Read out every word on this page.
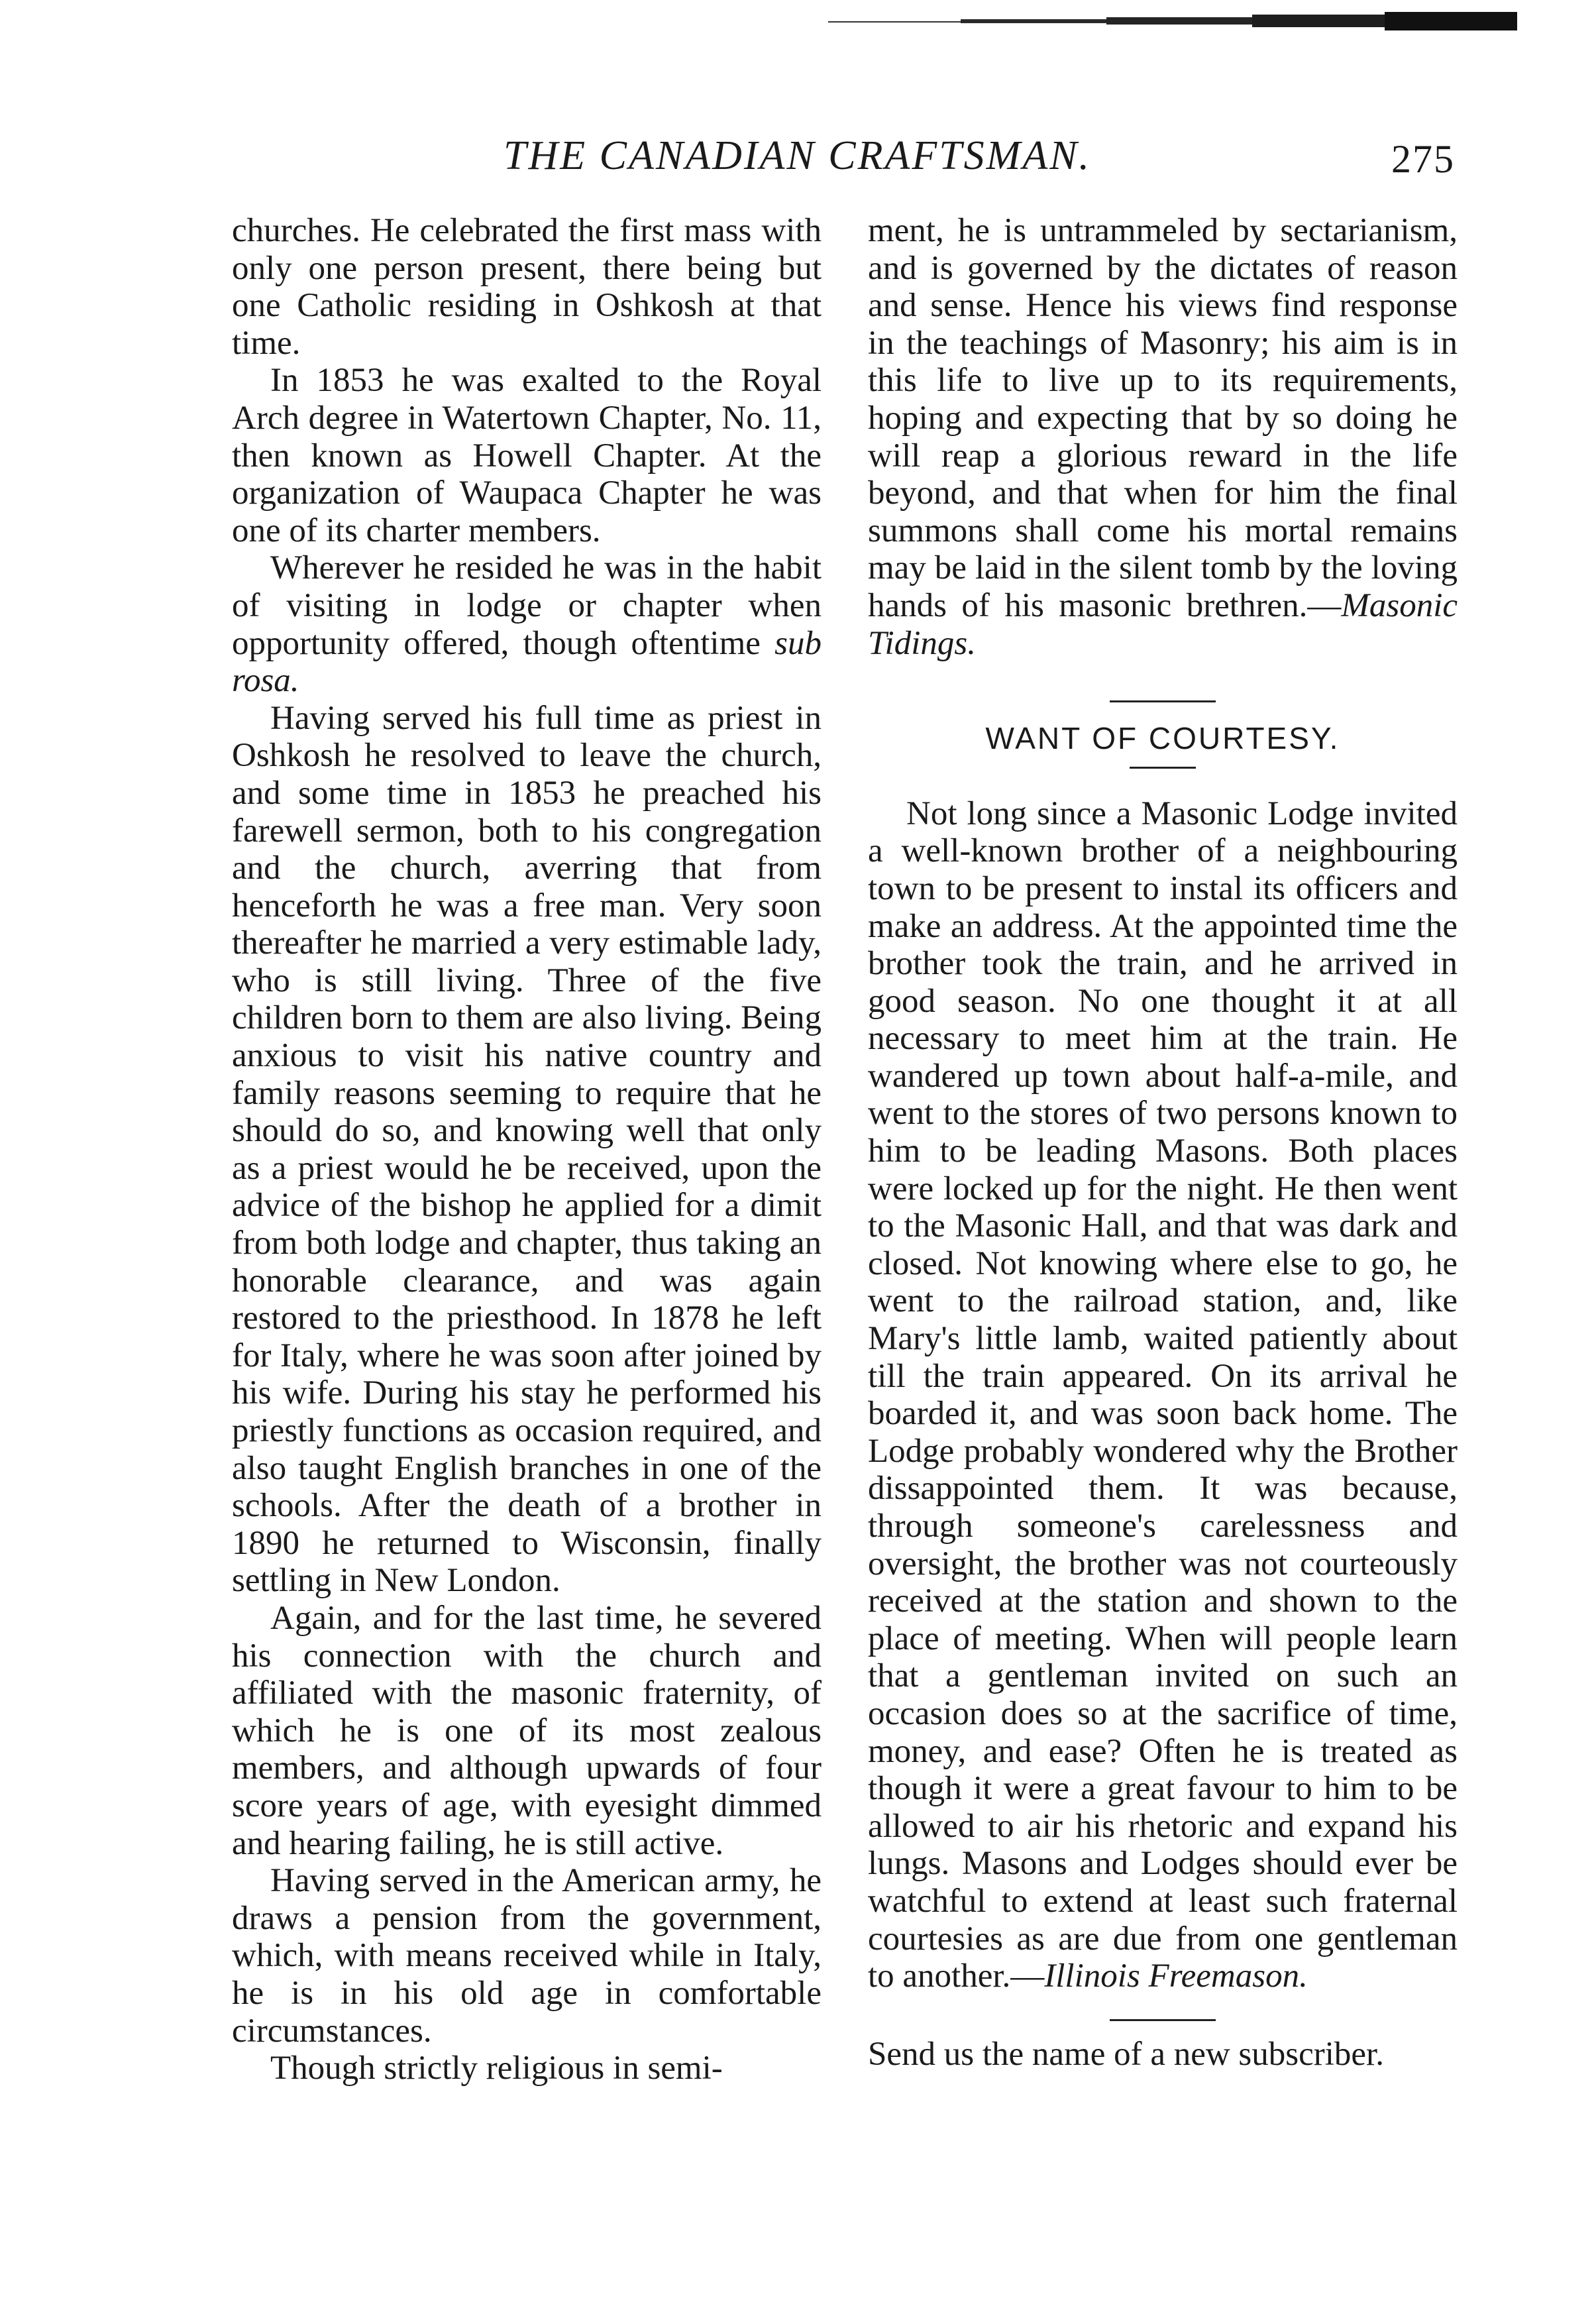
THE CANADIAN CRAFTSMAN.	275

churches. He celebrated the first mass with only one person present, there being but one Catholic residing in Oshkosh at that time.

In 1853 he was exalted to the Royal Arch degree in Watertown Chapter, No. 11, then known as Howell Chapter. At the organization of Waupaca Chapter he was one of its charter members.

Wherever he resided he was in the habit of visiting in lodge or chapter when opportunity offered, though oftentime sub rosa.

Having served his full time as priest in Oshkosh he resolved to leave the church, and some time in 1853 he preached his farewell sermon, both to his congregation and the church, averring that from henceforth he was a free man. Very soon thereafter he married a very estimable lady, who is still living. Three of the five children born to them are also living. Being anxious to visit his native country and family reasons seeming to require that he should do so, and knowing well that only as a priest would he be received, upon the advice of the bishop he applied for a dimit from both lodge and chapter, thus taking an honorable clearance, and was again restored to the priesthood. In 1878 he left for Italy, where he was soon after joined by his wife. During his stay he performed his priestly functions as occasion required, and also taught English branches in one of the schools. After the death of a brother in 1890 he returned to Wisconsin, finally settling in New London.

Again, and for the last time, he severed his connection with the church and affiliated with the masonic fraternity, of which he is one of its most zealous members, and although upwards of four score years of age, with eyesight dimmed and hearing failing, he is still active.

Having served in the American army, he draws a pension from the government, which, with means received while in Italy, he is in his old age in comfortable circumstances.

Though strictly religious in semi-

ment, he is untrammeled by sectarianism, and is governed by the dictates of reason and sense. Hence his views find response in the teachings of Masonry; his aim is in this life to live up to its requirements, hoping and expecting that by so doing he will reap a glorious reward in the life beyond, and that when for him the final summons shall come his mortal remains may be laid in the silent tomb by the loving hands of his masonic brethren.—Masonic Tidings.

WANT OF COURTESY.

Not long since a Masonic Lodge invited a well-known brother of a neighbouring town to be present to instal its officers and make an address. At the appointed time the brother took the train, and he arrived in good season. No one thought it at all necessary to meet him at the train. He wandered up town about half-a-mile, and went to the stores of two persons known to him to be leading Masons. Both places were locked up for the night. He then went to the Masonic Hall, and that was dark and closed. Not knowing where else to go, he went to the railroad station, and, like Mary's little lamb, waited patiently about till the train appeared. On its arrival he boarded it, and was soon back home. The Lodge probably wondered why the Brother dissappointed them. It was because, through someone's carelessness and oversight, the brother was not courteously received at the station and shown to the place of meeting. When will people learn that a gentleman invited on such an occasion does so at the sacrifice of time, money, and ease? Often he is treated as though it were a great favour to him to be allowed to air his rhetoric and expand his lungs. Masons and Lodges should ever be watchful to extend at least such fraternal courtesies as are due from one gentleman to another.—Illinois Freemason.

Send us the name of a new subscriber.
